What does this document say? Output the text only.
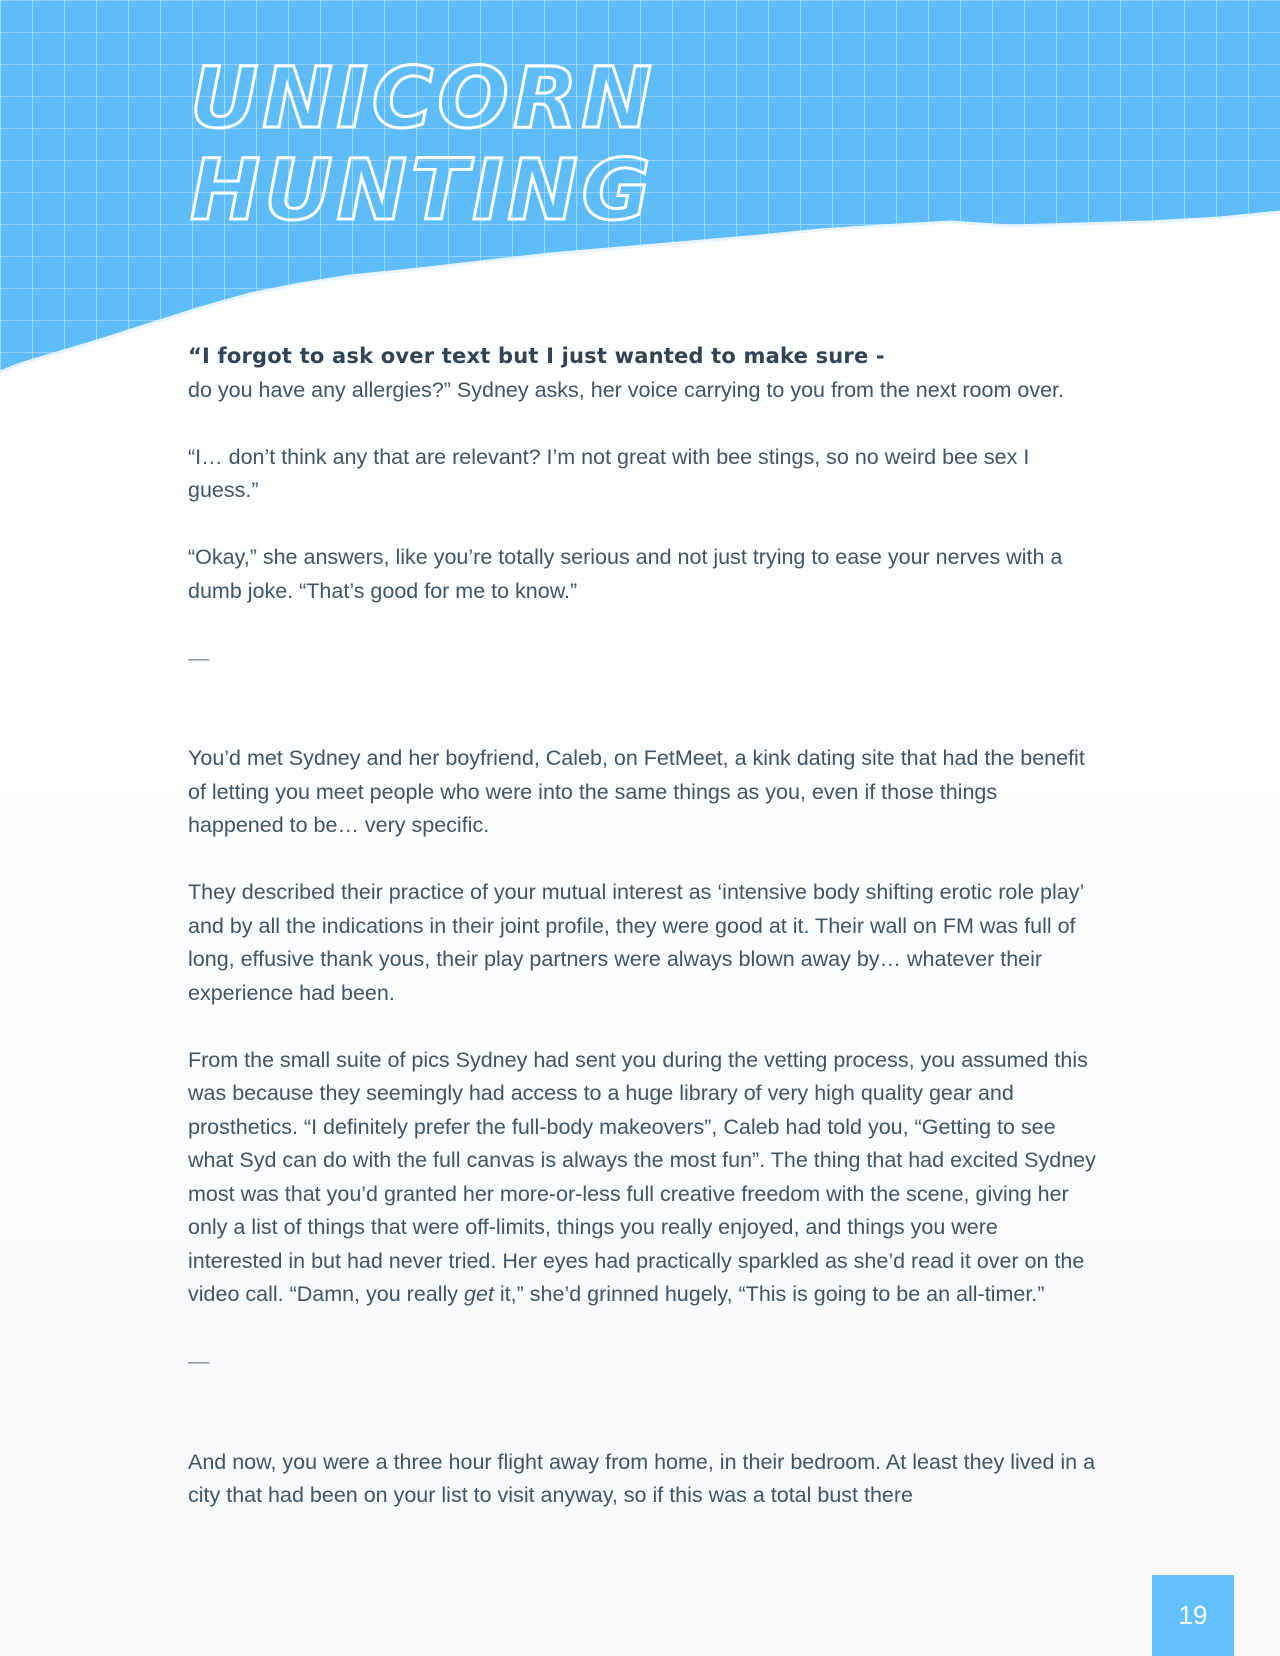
UNICORN
HUNTING

“I forgot to ask over text but I just wanted to make sure -
do you have any allergies?” Sydney asks, her voice carrying to you from the next room over.

“I… don’t think any that are relevant? I’m not great with bee stings, so no weird bee sex I guess.”

“Okay,” she answers, like you’re totally serious and not just trying to ease your nerves with a dumb joke. “That’s good for me to know.”

—

You’d met Sydney and her boyfriend, Caleb, on FetMeet, a kink dating site that had the benefit of letting you meet people who were into the same things as you, even if those things happened to be… very specific.

They described their practice of your mutual interest as ‘intensive body shifting erotic role play’ and by all the indications in their joint profile, they were good at it. Their wall on FM was full of long, effusive thank yous, their play partners were always blown away by… whatever their experience had been.

From the small suite of pics Sydney had sent you during the vetting process, you assumed this was because they seemingly had access to a huge library of very high quality gear and prosthetics. “I definitely prefer the full-body makeovers”, Caleb had told you, “Getting to see what Syd can do with the full canvas is always the most fun”. The thing that had excited Sydney most was that you’d granted her more-or-less full creative freedom with the scene, giving her only a list of things that were off-limits, things you really enjoyed, and things you were interested in but had never tried. Her eyes had practically sparkled as she’d read it over on the video call. “Damn, you really get it,” she’d grinned hugely, “This is going to be an all-timer.”

—

And now, you were a three hour flight away from home, in their bedroom. At least they lived in a city that had been on your list to visit anyway, so if this was a total bust there

19
